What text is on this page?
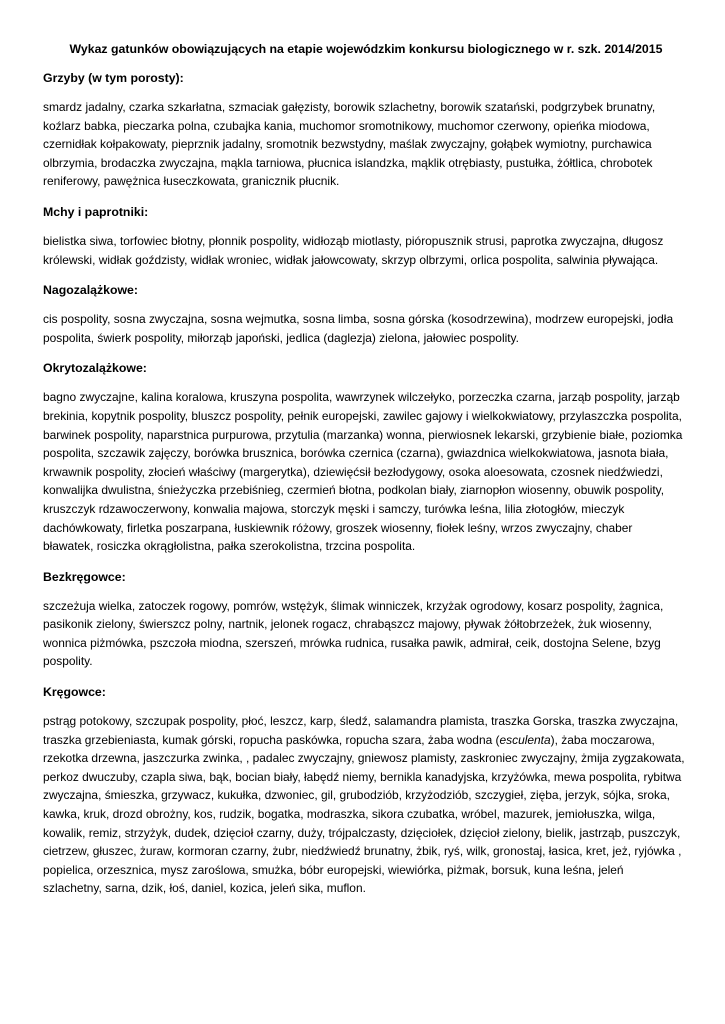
Wykaz gatunków obowiązujących na etapie wojewódzkim konkursu biologicznego w r. szk. 2014/2015
Grzyby (w tym porosty):

smardz jadalny, czarka szkarłatna, szmaciak gałęzisty, borowik szlachetny, borowik szatański, podgrzybek brunatny, koźlarz babka, pieczarka polna, czubajka kania, muchomor sromotnikowy, muchomor czerwony, opieńka miodowa, czernidłak kołpakowaty, pieprznik jadalny, sromotnik bezwstydny, maślak zwyczajny, gołąbek wymiotny, purchawica olbrzymia, brodaczka zwyczajna, mąkla tarniowa, płucnica islandzka, mąklik otrębiasty, pustułka, żółtlica, chrobotek reniferowy, pawężnica łuseczkowata, granicznik płucnik.

Mchy i paprotniki:

bielistka siwa, torfowiec błotny, płonnik pospolity, widłoząb miotlasty, pióropusznik strusi, paprotka zwyczajna, długosz królewski, widłak goździsty, widłak wroniec, widłak jałowcowaty, skrzyp olbrzymi, orlica pospolita, salwinia pływająca.

Nagozalążkowe:

cis pospolity, sosna zwyczajna, sosna wejmutka, sosna limba, sosna górska (kosodrzewina), modrzew europejski, jodła pospolita, świerk pospolity, miłorząb japoński, jedlica (daglezja) zielona, jałowiec pospolity.

Okrytozalążkowe:

bagno zwyczajne, kalina koralowa, kruszyna pospolita, wawrzynek wilczełyko, porzeczka czarna, jarząb pospolity, jarząb brekinia, kopytnik pospolity, bluszcz pospolity, pełnik europejski, zawilec gajowy i wielkokwiatowy, przylaszczka pospolita, barwinek pospolity, naparstnica purpurowa, przytulia (marzanka) wonna, pierwiosnek lekarski, grzybienie białe, poziomka pospolita, szczawik zajęczy, borówka brusznica, borówka czernica (czarna), gwiazdnica wielkokwiatowa, jasnota biała, krwawnik pospolity, złocień właściwy (margerytka), dziewięćsił bezłodygowy, osoka aloesowata, czosnek niedźwiedzi, konwalijka dwulistna, śnieżyczka przebiśnieg, czermień błotna, podkolan biały, ziarnopłon wiosenny, obuwik pospolity, kruszczyk rdzawoczerwony, konwalia majowa, storczyk męski i samczy, turówka leśna, lilia złotogłów, mieczyk dachówkowaty, firletka poszarpana, łuskiewnik różowy, groszek wiosenny, fiołek leśny, wrzos zwyczajny, chaber bławatek, rosiczka okrągłolistna, pałka szerokolistna, trzcina pospolita.

Bezkręgowce:

szczeżuja wielka, zatoczek rogowy, pomrów, wstężyk, ślimak winniczek, krzyżak ogrodowy, kosarz pospolity, żagnica, pasikonik zielony, świerszcz polny, nartnik, jelonek rogacz, chrabąszcz majowy, pływak żółtobrzeżek, żuk wiosenny, wonnica piżmówka, pszczoła miodna, szerszeń, mrówka rudnica, rusałka pawik, admirał, ceik, dostojna Selene, bzyg pospolity.

Kręgowce:

pstrąg potokowy, szczupak pospolity, płoć, leszcz, karp, śledź, salamandra plamista, traszka Gorska, traszka zwyczajna, traszka grzebieniasta, kumak górski, ropucha paskówka, ropucha szara, żaba wodna (esculenta), żaba moczarowa, rzekotka drzewna, jaszczurka zwinka, , padalec zwyczajny, gniewosz plamisty, zaskroniec zwyczajny, żmija zygzakowata, perkoz dwuczuby, czapla siwa, bąk, bocian biały, łabędź niemy, bernikla kanadyjska, krzyżówka, mewa pospolita, rybitwa zwyczajna, śmieszka, grzywacz, kukułka, dzwoniec, gil, grubodziób, krzyżodziób, szczygieł, zięba, jerzyk, sójka, sroka, kawka, kruk, drozd obrożny, kos, rudzik, bogatka, modraszka, sikora czubatka, wróbel, mazurek, jemiołuszka, wilga, kowalik, remiz, strzyżyk, dudek, dzięcioł czarny, duży, trójpalczasty, dzięciołek, dzięcioł zielony, bielik, jastrząb, puszczyk, cietrzew, głuszec, żuraw, kormoran czarny, żubr, niedźwiedź brunatny, żbik, ryś, wilk, gronostaj, łasica, kret, jeż, ryjówka , popielica, orzesznica, mysz zaroślowa, smużka, bóbr europejski, wiewiórka, piżmak, borsuk, kuna leśna, jeleń szlachetny, sarna, dzik, łoś, daniel, kozica, jeleń sika, muflon.
